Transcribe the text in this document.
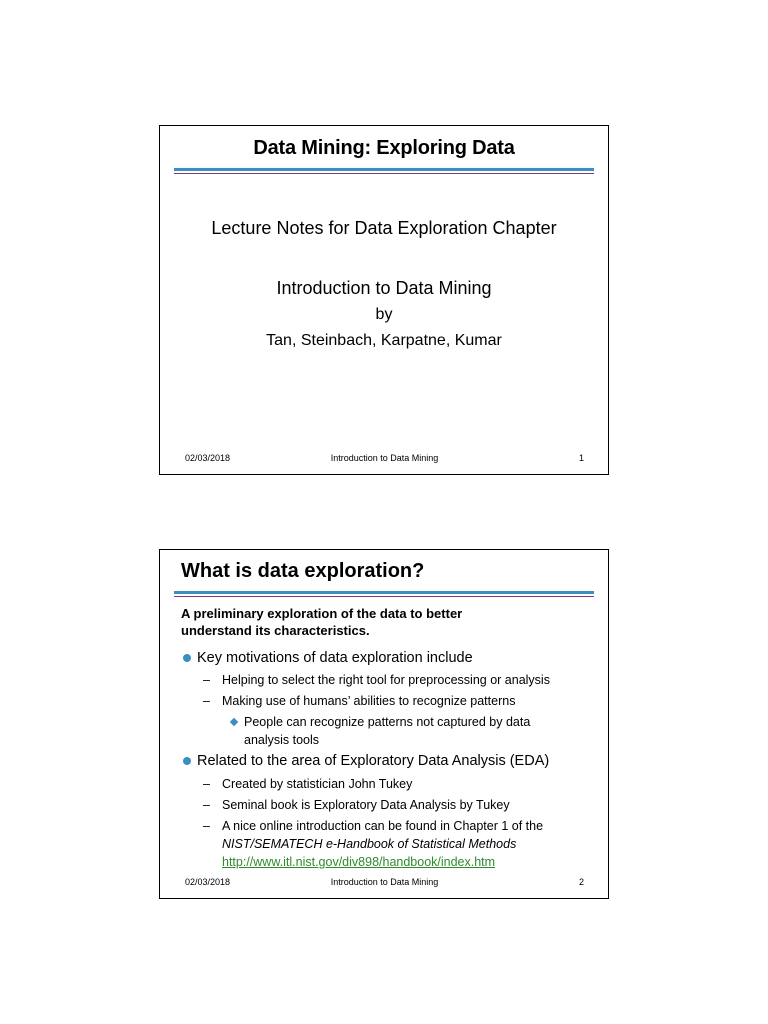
Data Mining: Exploring Data
Lecture Notes for Data Exploration Chapter
Introduction to Data Mining
by
Tan, Steinbach, Karpatne, Kumar
02/03/2018	Introduction to Data Mining	1
What is data exploration?
A preliminary exploration of the data to better
understand its characteristics.
Key motivations of data exploration include
– Helping to select the right tool for preprocessing or analysis
– Making use of humans’ abilities to recognize patterns
People can recognize patterns not captured by data
analysis tools
Related to the area of Exploratory Data Analysis (EDA)
– Created by statistician John Tukey
– Seminal book is Exploratory Data Analysis by Tukey
– A nice online introduction can be found in Chapter 1 of the
NIST/SEMATECH e-Handbook of Statistical Methods
http://www.itl.nist.gov/div898/handbook/index.htm
02/03/2018	Introduction to Data Mining	2
